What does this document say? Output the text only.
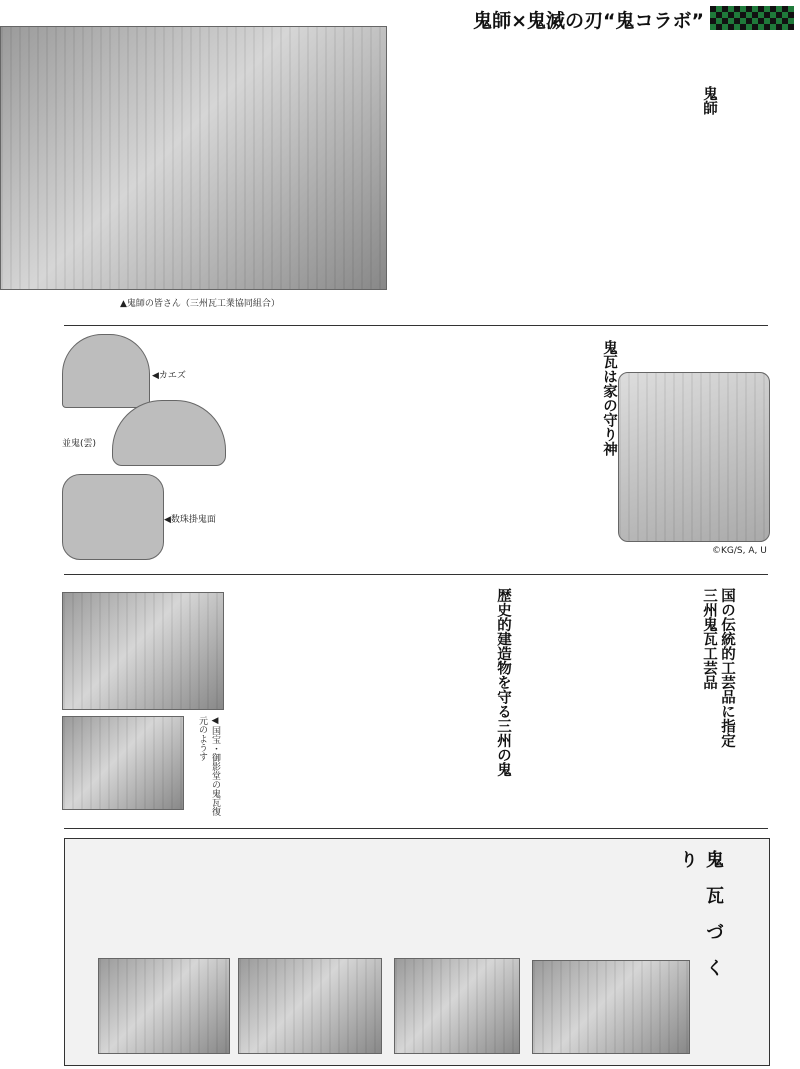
鬼師×鬼滅の刃“鬼コラボ”
▲鬼師の皆さん（三州瓦工業協同組合）
鬼師
◀カエズ
並鬼(雲)
◀数珠掛鬼面
鬼瓦は家の守り神
©KG/S, A, U
◀国宝・御影堂の鬼瓦復元のようす	歴史的建造物を守る三州の鬼	国の伝統的工芸品に指定
三州鬼瓦工芸品
鬼 瓦 づ く り
